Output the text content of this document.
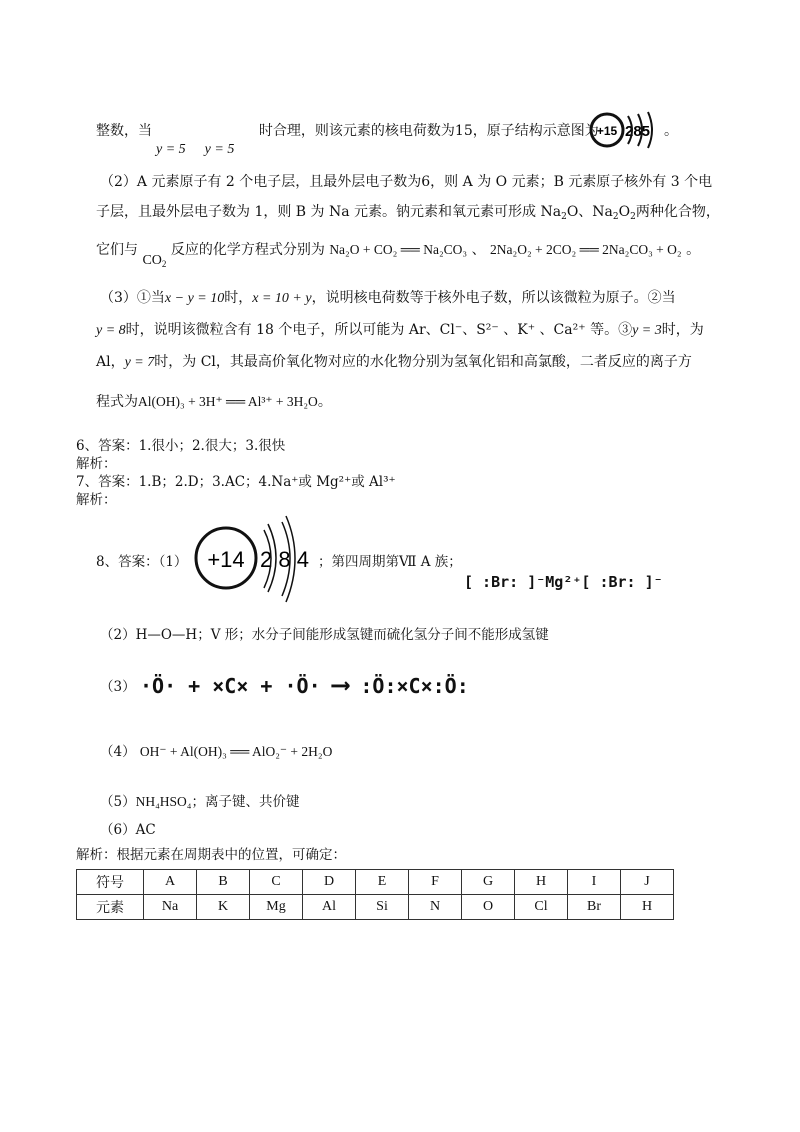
整数，当	时合理，则该元素的核电荷数为15，原子结构示意图为
y = 5 y = 5
+15 285 。
（2）A 元素原子有 2 个电子层，且最外层电子数为6，则 A 为 O 元素；B 元素原子核外有 3 个电
子层，且最外层电子数为 1，则 B 为 Na 元素。钠元素和氧元素可形成 $Na_2O$、$Na_2O_2$两种化合物，
它们与 $CO_2$ 反应的化学方程式分别为 Na₂O + CO₂ ══ Na₂CO₃ 、 2Na₂O₂ + 2CO₂ ══ 2Na₂CO₃ + O₂ 。
（3）①当x − y = 10时，x = 10 + y，说明核电荷数等于核外电子数，所以该微粒为原子。②当
y = 8时，说明该微粒含有 18 个电子，所以可能为 Ar、Cl⁻、S²⁻ 、K⁺ 、Ca²⁺ 等。③y = 3时，为
Al，y = 7时，为 Cl，其最高价氧化物对应的水化物分别为氢氧化铝和高氯酸，二者反应的离子方
程式为Al(OH)₃ + 3H⁺ ══ Al³⁺ + 3H₂O。
6、答案：1.很小；2.很大；3.很快
解析：
7、答案：1.B；2.D；3.AC；4.Na⁺或 Mg²⁺或 Al³⁺
解析：
8、答案：（1） +14 2 8 4 ；第四周期第Ⅶ A 族；
[ :Br: ]⁻Mg²⁺[ :Br: ]⁻
（2）H—O—H；V 形；水分子间能形成氢键而硫化氢分子间不能形成氢键
（3） ·Ö· + ×C× + ·Ö· ⟶ :Ö:×C×:Ö:
（4） OH⁻ + Al(OH)₃ ══ AlO₂⁻ + 2H₂O
（5）NH₄HSO₄；离子键、共价键
（6）AC
解析：根据元素在周期表中的位置，可确定：
符号	A	B	C	D	E	F	G	H	I	J
元素	Na	K	Mg	Al	Si	N	O	Cl	Br	H
